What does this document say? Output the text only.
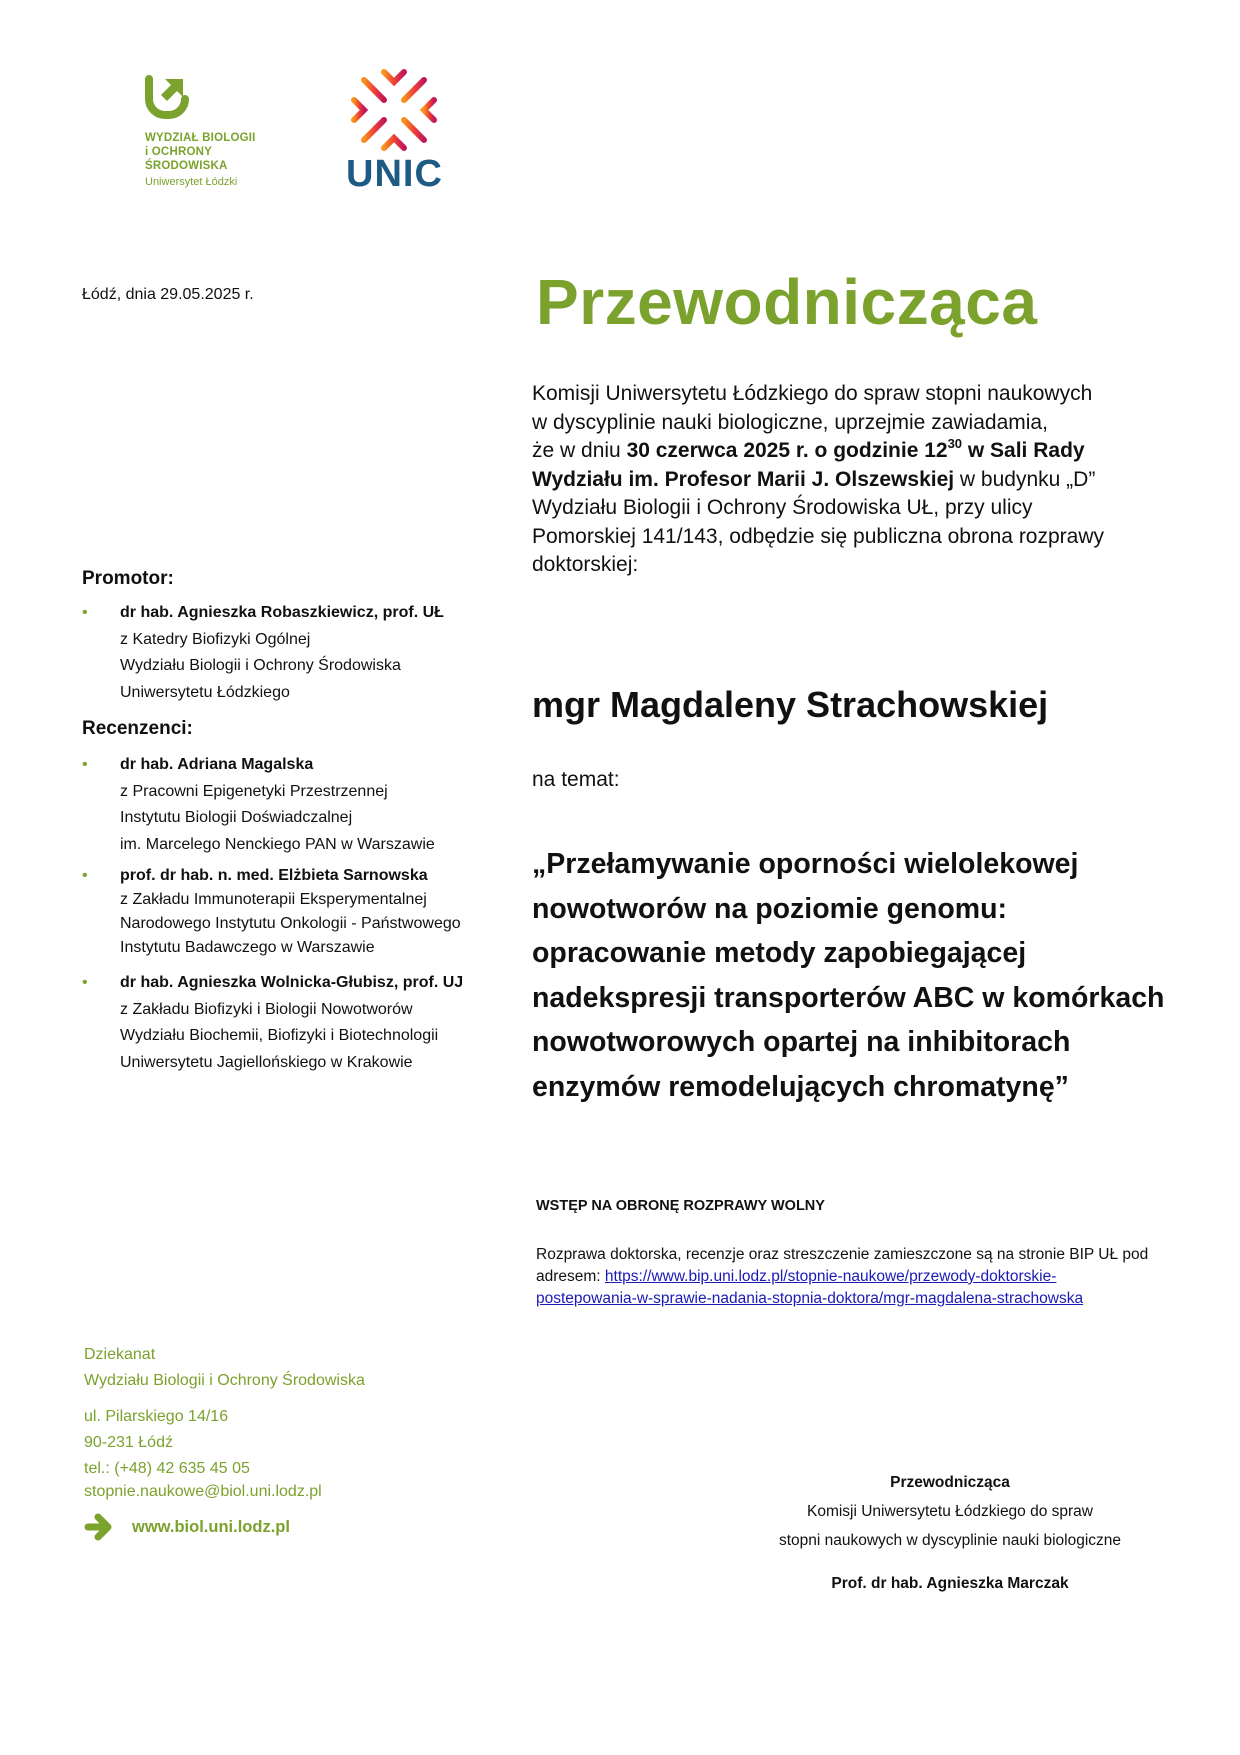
WYDZIAŁ BIOLOGII
i OCHRONY
ŚRODOWISKA
Uniwersytet Łódzki	UNIC
Łódź, dnia 29.05.2025 r.	Przewodnicząca

Komisji Uniwersytetu Łódzkiego do spraw stopni naukowych

w dyscyplinie nauki biologiczne, uprzejmie zawiadamia,

że w dniu 30 czerwca 2025 r. o godzinie $12^{30}$ w Sali Rady

Wydziału im. Profesor Marii J. Olszewskiej w budynku „D”

Wydziału Biologii i Ochrony Środowiska UŁ, przy ulicy

Pomorskiej 141/143, odbędzie się publiczna obrona rozprawy

doktorskiej:

Promotor:
• dr hab. Agnieszka Robaszkiewicz, prof. UŁ
z Katedry Biofizyki Ogólnej
Wydziału Biologii i Ochrony Środowiska
Uniwersytetu Łódzkiego
Recenzenci:
• dr hab. Adriana Magalska
z Pracowni Epigenetyki Przestrzennej
Instytutu Biologii Doświadczalnej
im. Marcelego Nenckiego PAN w Warszawie
• prof. dr hab. n. med. Elżbieta Sarnowska
z Zakładu Immunoterapii Eksperymentalnej
Narodowego Instytutu Onkologii - Państwowego
Instytutu Badawczego w Warszawie
• dr hab. Agnieszka Wolnicka-Głubisz, prof. UJ
z Zakładu Biofizyki i Biologii Nowotworów
Wydziału Biochemii, Biofizyki i Biotechnologii
Uniwersytetu Jagiellońskiego w Krakowie
mgr Magdaleny Strachowskiej
na temat:
„Przełamywanie oporności wielolekowej
nowotworów na poziomie genomu:
opracowanie metody zapobiegającej
nadekspresji transporterów ABC w komórkach
nowotworowych opartej na inhibitorach
enzymów remodelujących chromatynę”
WSTĘP NA OBRONĘ ROZPRAWY WOLNY
Rozprawa doktorska, recenzje oraz streszczenie zamieszczone są na stronie BIP UŁ pod adresem: https://www.bip.uni.lodz.pl/stopnie-naukowe/przewody-doktorskie-
postepowania-w-sprawie-nadania-stopnia-doktora/mgr-magdalena-strachowska
Dziekanat
Wydziału Biologii i Ochrony Środowiska
ul. Pilarskiego 14/16
90-231 Łódź
tel.: (+48) 42 635 45 05
stopnie.naukowe@biol.uni.lodz.pl
www.biol.uni.lodz.pl
Przewodnicząca
Komisji Uniwersytetu Łódzkiego do spraw
stopni naukowych w dyscyplinie nauki biologiczne
Prof. dr hab. Agnieszka Marczak
